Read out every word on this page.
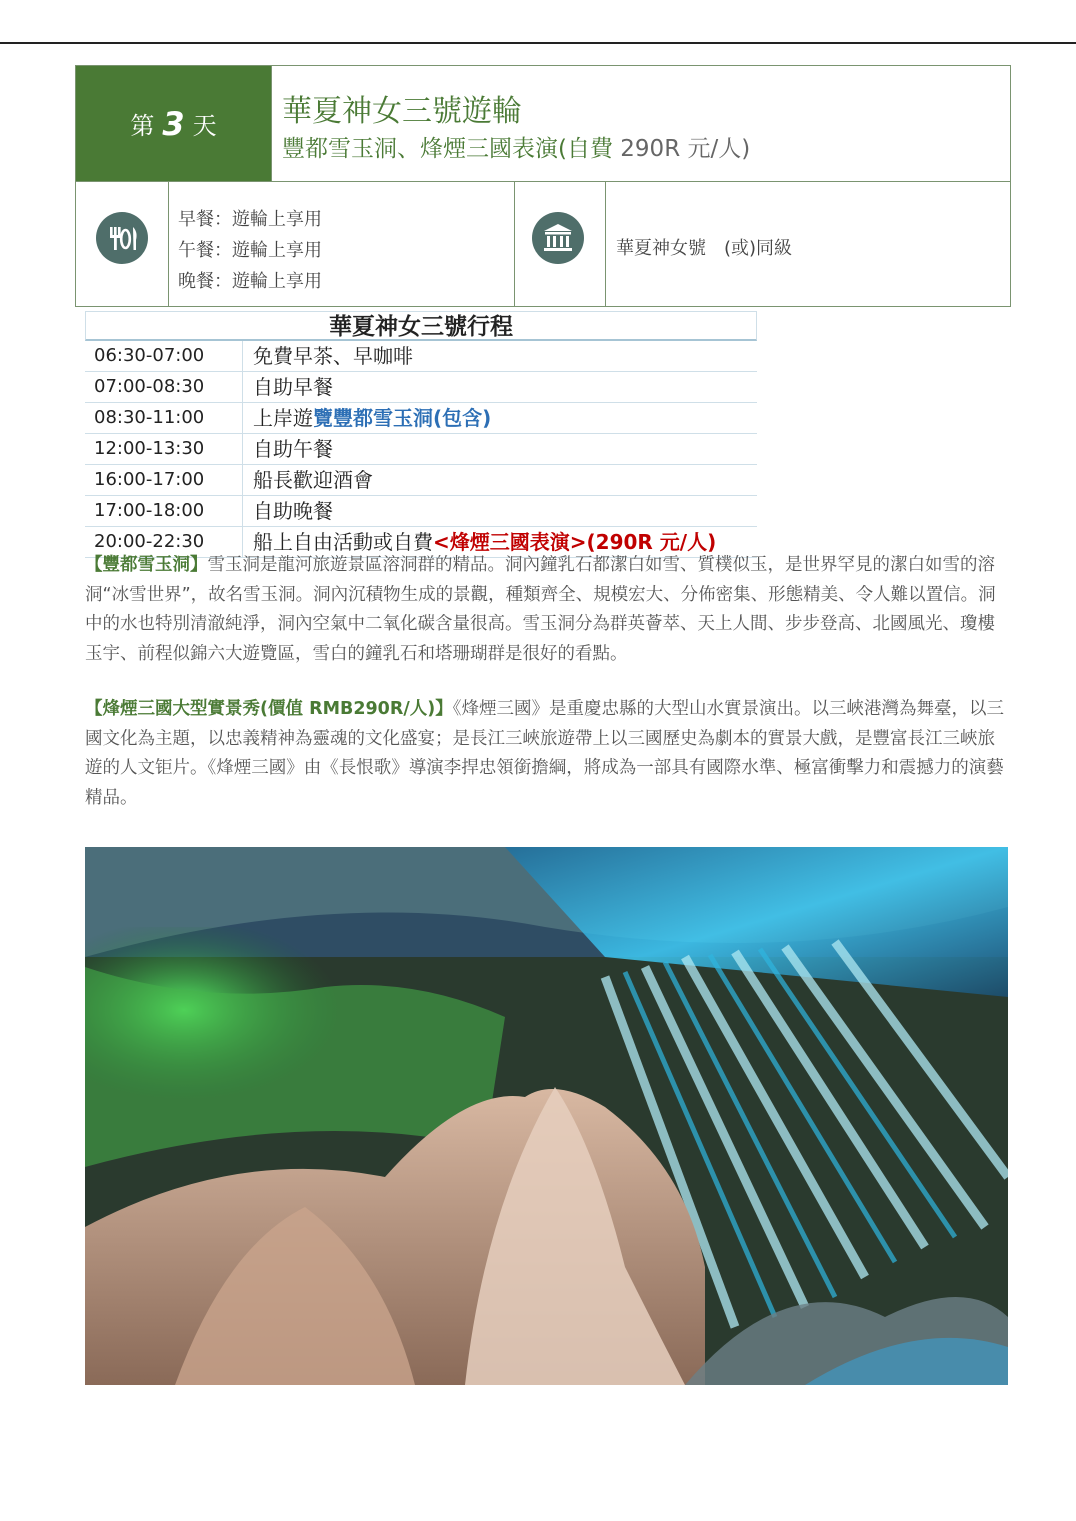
第 3 天 華夏神女三號遊輪
豐都雪玉洞、烽煙三國表演(自費 290R 元/人)
早餐：遊輪上享用
午餐：遊輪上享用
晚餐：遊輪上享用
華夏神女號　(或)同級
華夏神女三號行程
06:30-07:00	免費早茶、早咖啡
07:00-08:30	自助早餐
08:30-11:00	上岸遊覽豐都雪玉洞(包含)
12:00-13:30	自助午餐
16:00-17:00	船長歡迎酒會
17:00-18:00	自助晚餐
20:00-22:30	船上自由活動或自費<烽煙三國表演>(290R 元/人)
【豐都雪玉洞】雪玉洞是龍河旅遊景區溶洞群的精品。洞內鐘乳石都潔白如雪、質樸似玉，是世界罕見的潔白如雪的溶洞“冰雪世界”，故名雪玉洞。洞內沉積物生成的景觀，種類齊全、規模宏大、分佈密集、形態精美、令人難以置信。洞中的水也特別清澈純淨，洞內空氣中二氧化碳含量很高。雪玉洞分為群英薈萃、天上人間、步步登高、北國風光、瓊樓玉宇、前程似錦六大遊覽區，雪白的鐘乳石和塔珊瑚群是很好的看點。
【烽煙三國大型實景秀(價值 RMB290R/人)】《烽煙三國》是重慶忠縣的大型山水實景演出。以三峽港灣為舞臺，以三國文化為主題，以忠義精神為靈魂的文化盛宴；是長江三峽旅遊帶上以三國歷史為劇本的實景大戲，是豐富長江三峽旅遊的人文钜片。《烽煙三國》由《長恨歌》導演李捍忠領銜擔綱，將成為一部具有國際水準、極富衝擊力和震撼力的演藝精品。
